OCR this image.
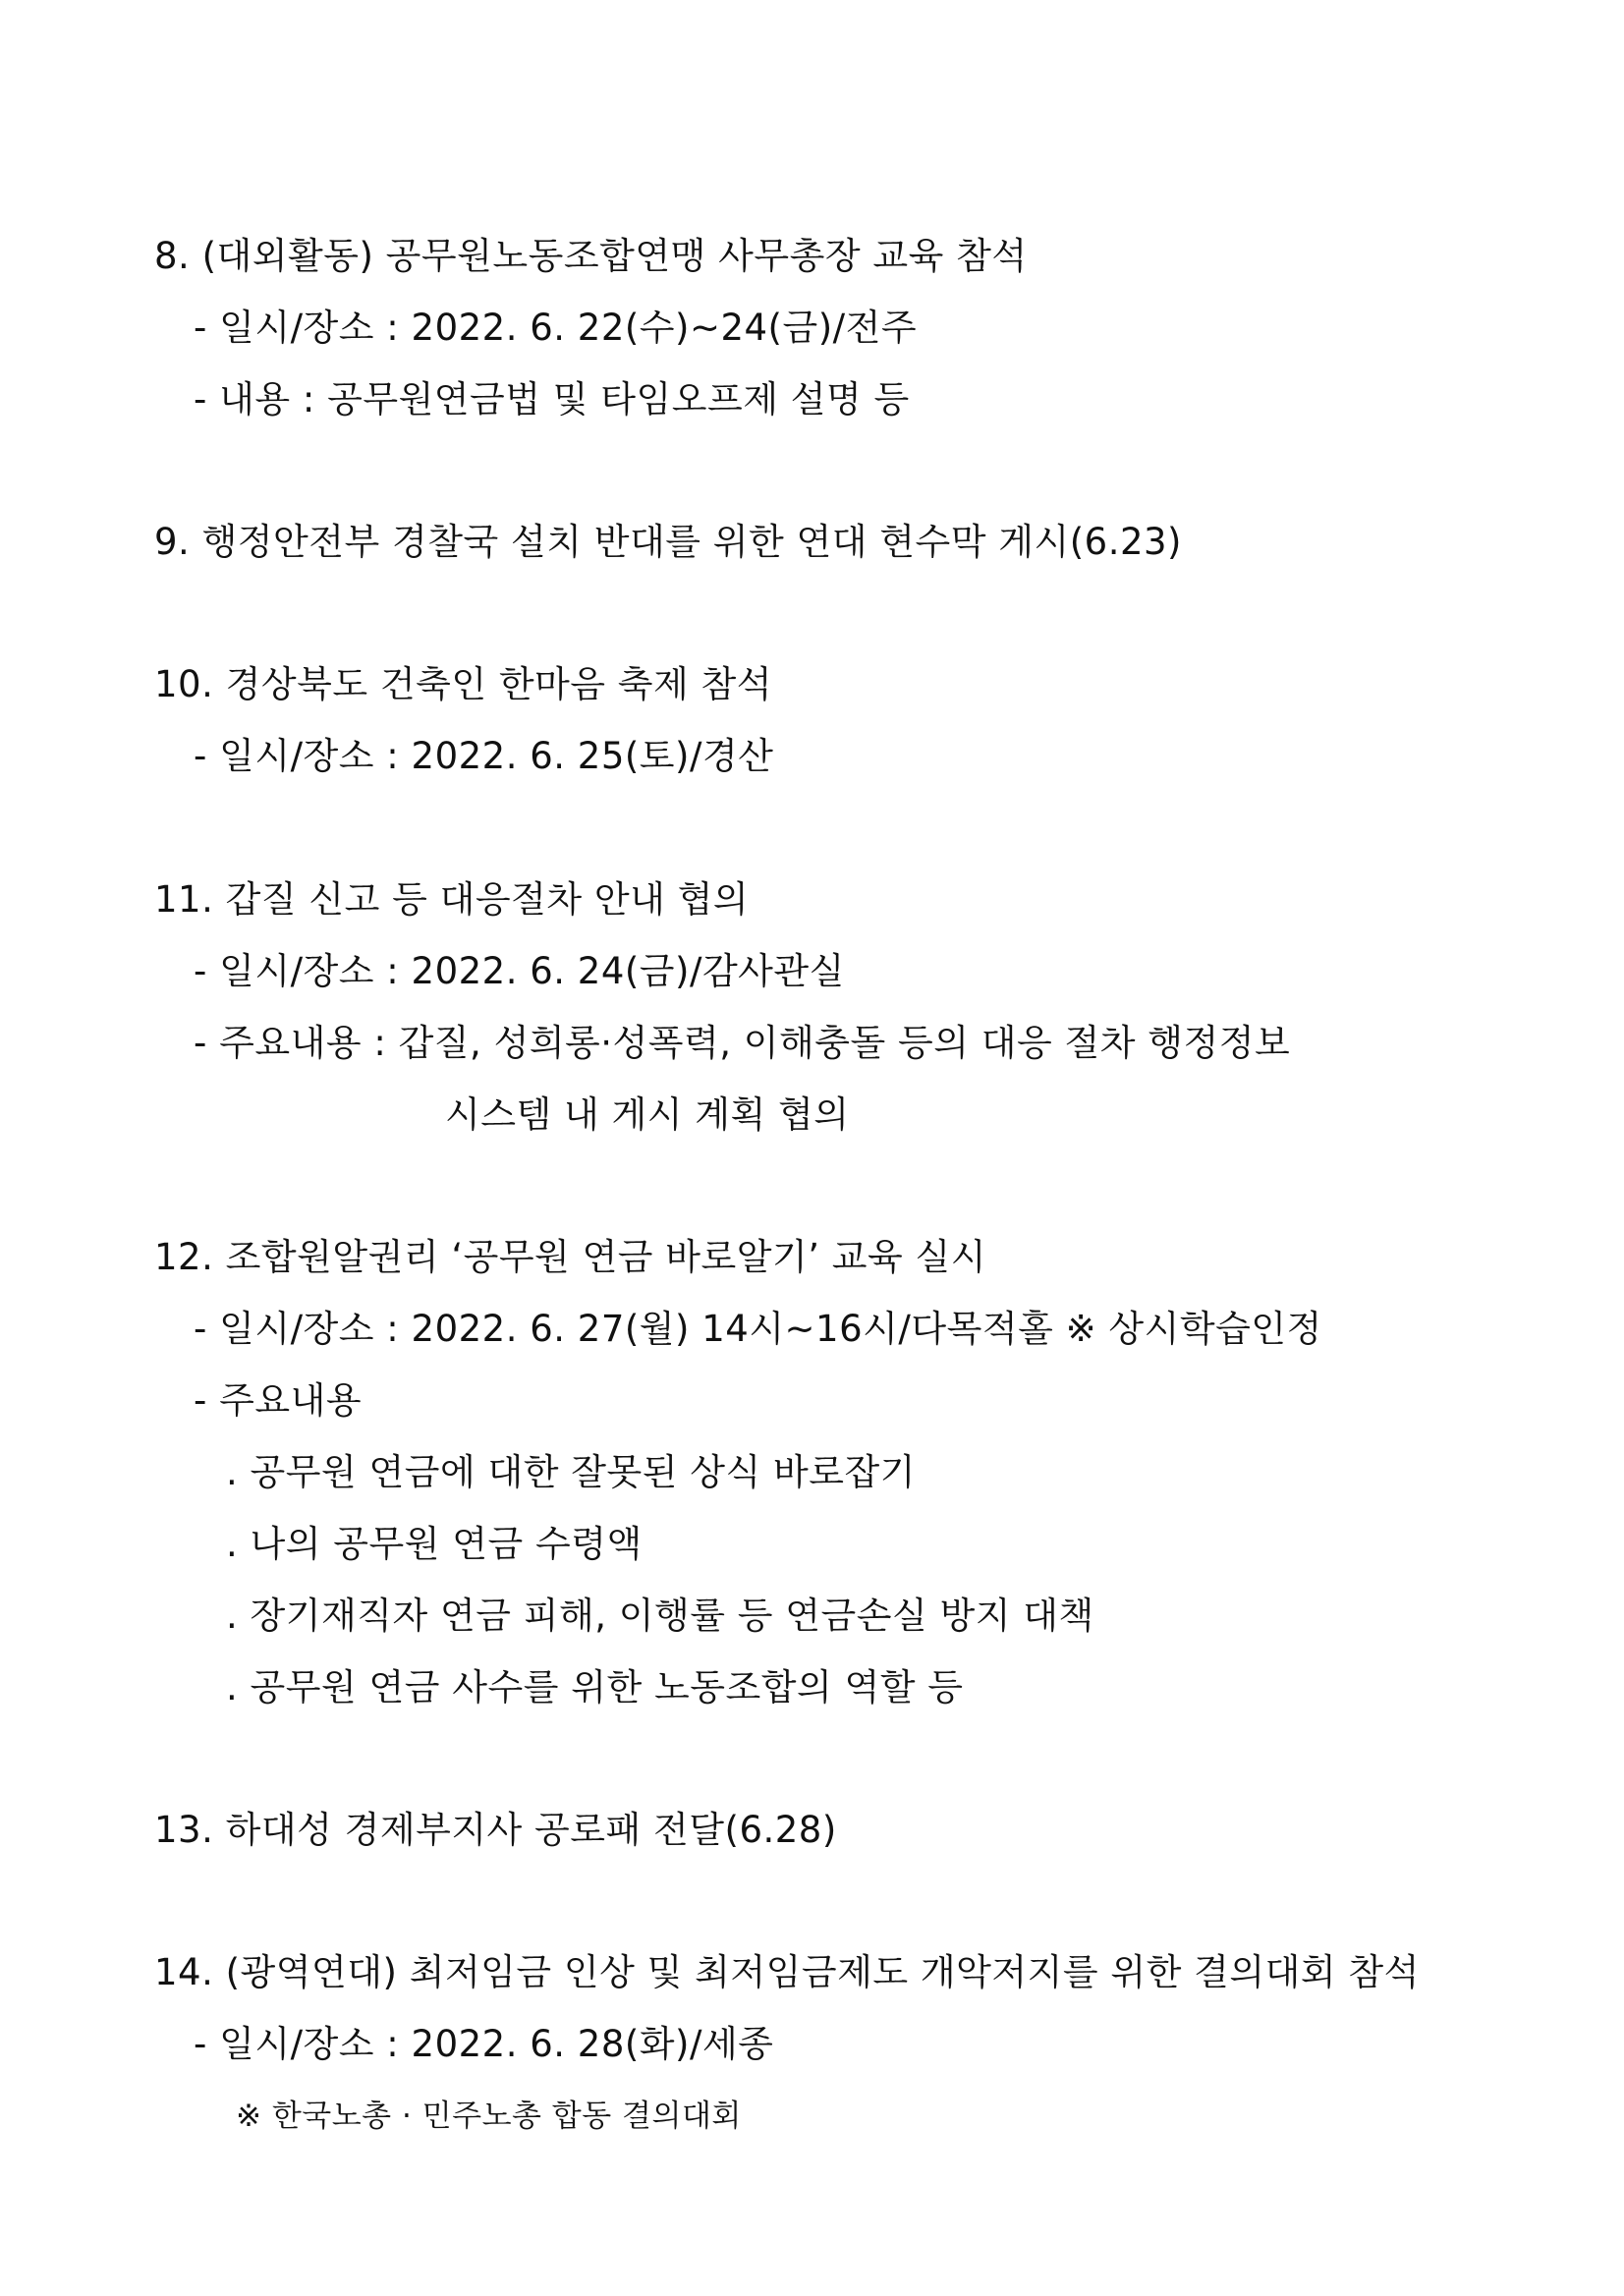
8. (대외활동) 공무원노동조합연맹 사무총장 교육 참석
- 일시/장소 : 2022. 6. 22(수)~24(금)/전주
- 내용 : 공무원연금법 및 타임오프제 설명 등
9. 행정안전부 경찰국 설치 반대를 위한 연대 현수막 게시(6.23)
10. 경상북도 건축인 한마음 축제 참석
- 일시/장소 : 2022. 6. 25(토)/경산
11. 갑질 신고 등 대응절차 안내 협의
- 일시/장소 : 2022. 6. 24(금)/감사관실
- 주요내용 : 갑질, 성희롱·성폭력, 이해충돌 등의 대응 절차 행정정보
시스템 내 게시 계획 협의
12. 조합원알권리 ‘공무원 연금 바로알기’ 교육 실시
- 일시/장소 : 2022. 6. 27(월) 14시~16시/다목적홀 ※ 상시학습인정
- 주요내용
. 공무원 연금에 대한 잘못된 상식 바로잡기
. 나의 공무원 연금 수령액
. 장기재직자 연금 피해, 이행률 등 연금손실 방지 대책
. 공무원 연금 사수를 위한 노동조합의 역할 등
13. 하대성 경제부지사 공로패 전달(6.28)
14. (광역연대) 최저임금 인상 및 최저임금제도 개악저지를 위한 결의대회 참석
- 일시/장소 : 2022. 6. 28(화)/세종
※ 한국노총 · 민주노총 합동 결의대회
